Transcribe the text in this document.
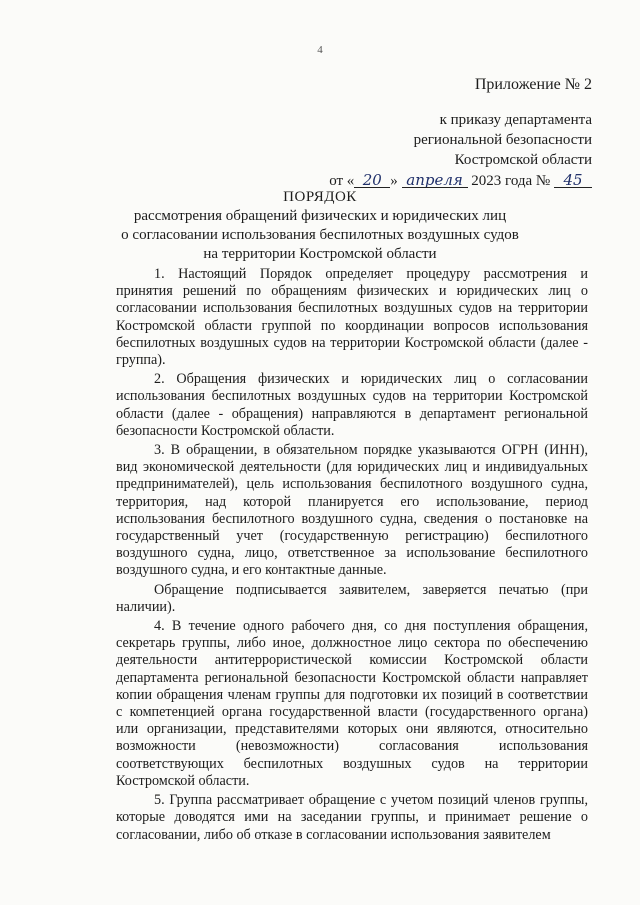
4
Приложение № 2
к приказу департамента
региональной безопасности
Костромской области
от « 20 » апреля 2023 года № 45
ПОРЯДОК
рассмотрения обращений физических и юридических лиц
о согласовании использования беспилотных воздушных судов
на территории Костромской области

1. Настоящий Порядок определяет процедуру рассмотрения и принятия решений по обращениям физических и юридических лиц о согласовании использования беспилотных воздушных судов на территории Костромской области группой по координации вопросов использования беспилотных воздушных судов на территории Костромской области (далее - группа).

2. Обращения физических и юридических лиц о согласовании использования беспилотных воздушных судов на территории Костромской области (далее - обращения) направляются в департамент региональной безопасности Костромской области.

3. В обращении, в обязательном порядке указываются ОГРН (ИНН), вид экономической деятельности (для юридических лиц и индивидуальных предпринимателей), цель использования беспилотного воздушного судна, территория, над которой планируется его использование, период использования беспилотного воздушного судна, сведения о постановке на государственный учет (государственную регистрацию) беспилотного воздушного судна, лицо, ответственное за использование беспилотного воздушного судна, и его контактные данные.

Обращение подписывается заявителем, заверяется печатью (при наличии).

4. В течение одного рабочего дня, со дня поступления обращения, секретарь группы, либо иное, должностное лицо сектора по обеспечению деятельности антитеррористической комиссии Костромской области департамента региональной безопасности Костромской области направляет копии обращения членам группы для подготовки их позиций в соответствии с компетенцией органа государственной власти (государственного органа) или организации, представителями которых они являются, относительно возможности (невозможности) согласования использования соответствующих беспилотных воздушных судов на территории Костромской области.

5. Группа рассматривает обращение с учетом позиций членов группы, которые доводятся ими на заседании группы, и принимает решение о согласовании, либо об отказе в согласовании использования заявителем
